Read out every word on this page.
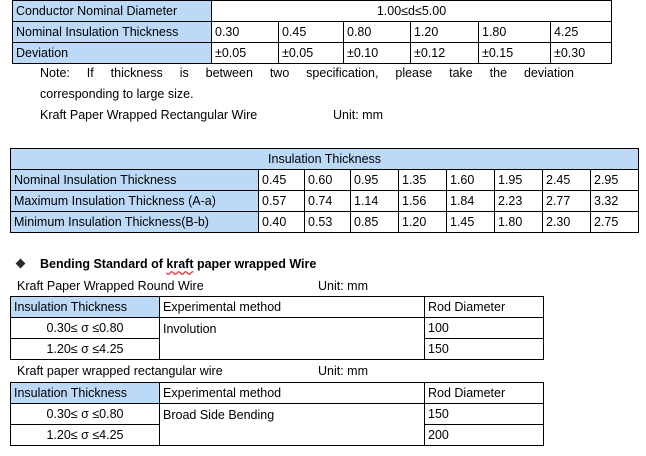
Conductor Nominal Diameter	1.00≤d≤5.00					
Nominal Insulation Thickness	0.30	0.45	0.80	1.20	1.80	4.25
Deviation	±0.05	±0.05	±0.10	±0.12	±0.15	±0.30
Note: If thickness is between two specification, please take the deviation
corresponding to large size.
Kraft Paper Wrapped Rectangular Wire	Unit: mm
Insulation Thickness								
Nominal Insulation Thickness	0.45	0.60	0.95	1.35	1.60	1.95	2.45	2.95
Maximum Insulation Thickness (A-a)	0.57	0.74	1.14	1.56	1.84	2.23	2.77	3.32
Minimum Insulation Thickness(B-b)	0.40	0.53	0.85	1.20	1.45	1.80	2.30	2.75
Bending Standard of kraft paper wrapped Wire
Kraft Paper Wrapped Round Wire	Unit: mm
Insulation Thickness	Experimental method	Rod Diameter
0.30≤ σ ≤0.80	Involution	100
1.20≤ σ ≤4.25		150
Kraft paper wrapped rectangular wire	Unit: mm
Insulation Thickness	Experimental method	Rod Diameter
0.30≤ σ ≤0.80	Broad Side Bending	150
1.20≤ σ ≤4.25		200
